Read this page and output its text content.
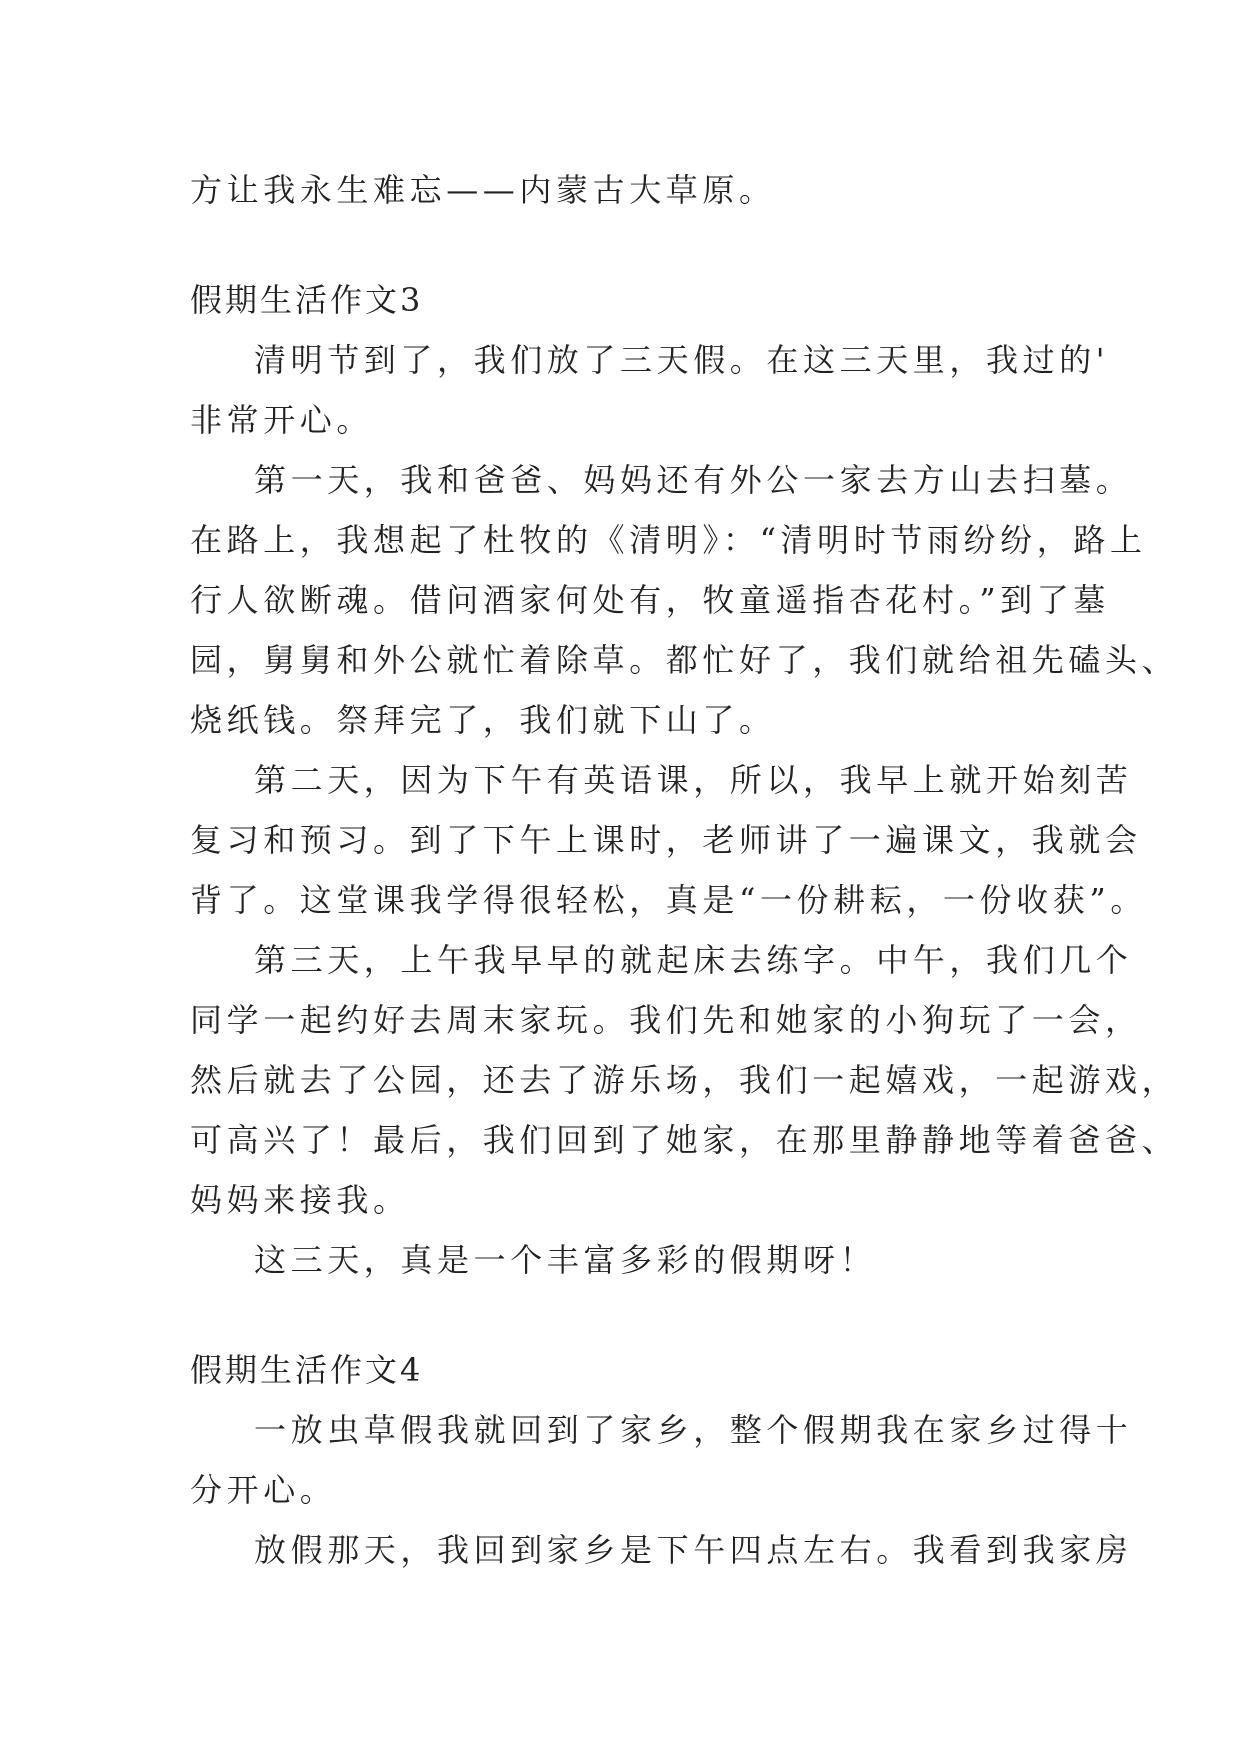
方让我永生难忘——内蒙古大草原。
假期生活作文3
清明节到了，我们放了三天假。在这三天里，我过的'
非常开心。
第一天，我和爸爸、妈妈还有外公一家去方山去扫墓。
在路上，我想起了杜牧的《清明》：“清明时节雨纷纷，路上
行人欲断魂。借问酒家何处有，牧童遥指杏花村。”到了墓
园，舅舅和外公就忙着除草。都忙好了，我们就给祖先磕头、
烧纸钱。祭拜完了，我们就下山了。
第二天，因为下午有英语课，所以，我早上就开始刻苦
复习和预习。到了下午上课时，老师讲了一遍课文，我就会
背了。这堂课我学得很轻松，真是“一份耕耘，一份收获”。
第三天，上午我早早的就起床去练字。中午，我们几个
同学一起约好去周末家玩。我们先和她家的小狗玩了一会，
然后就去了公园，还去了游乐场，我们一起嬉戏，一起游戏，
可高兴了！最后，我们回到了她家，在那里静静地等着爸爸、
妈妈来接我。
这三天，真是一个丰富多彩的假期呀！
假期生活作文4
一放虫草假我就回到了家乡，整个假期我在家乡过得十
分开心。
放假那天，我回到家乡是下午四点左右。我看到我家房
